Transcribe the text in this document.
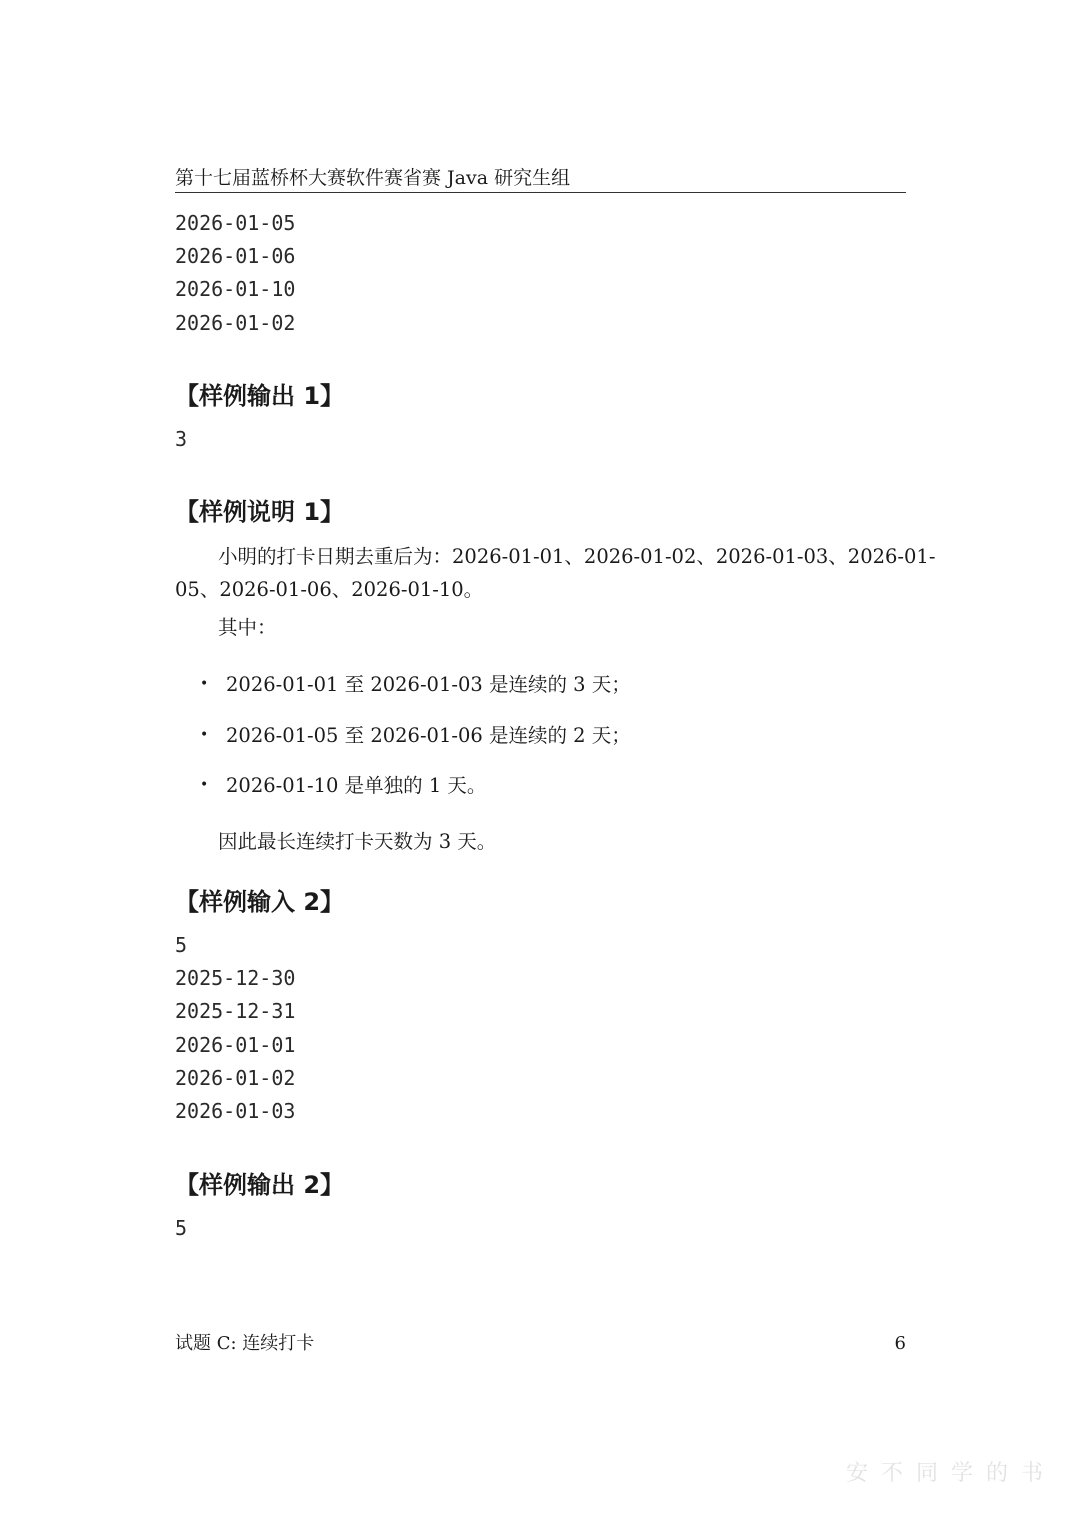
第十七届蓝桥杯大赛软件赛省赛 Java 研究生组
2026-01-05
2026-01-06
2026-01-10
2026-01-02
【样例输出 1】
3
【样例说明 1】
小明的打卡日期去重后为：2026-01-01、2026-01-02、2026-01-03、2026-01-
05、2026-01-06、2026-01-10。
其中：
• 2026-01-01 至 2026-01-03 是连续的 3 天；
• 2026-01-05 至 2026-01-06 是连续的 2 天；
• 2026-01-10 是单独的 1 天。
因此最长连续打卡天数为 3 天。
【样例输入 2】
5
2025-12-30
2025-12-31
2026-01-01
2026-01-02
2026-01-03
【样例输出 2】
5
试题 C: 连续打卡	6
安 不 同 学 的 书
